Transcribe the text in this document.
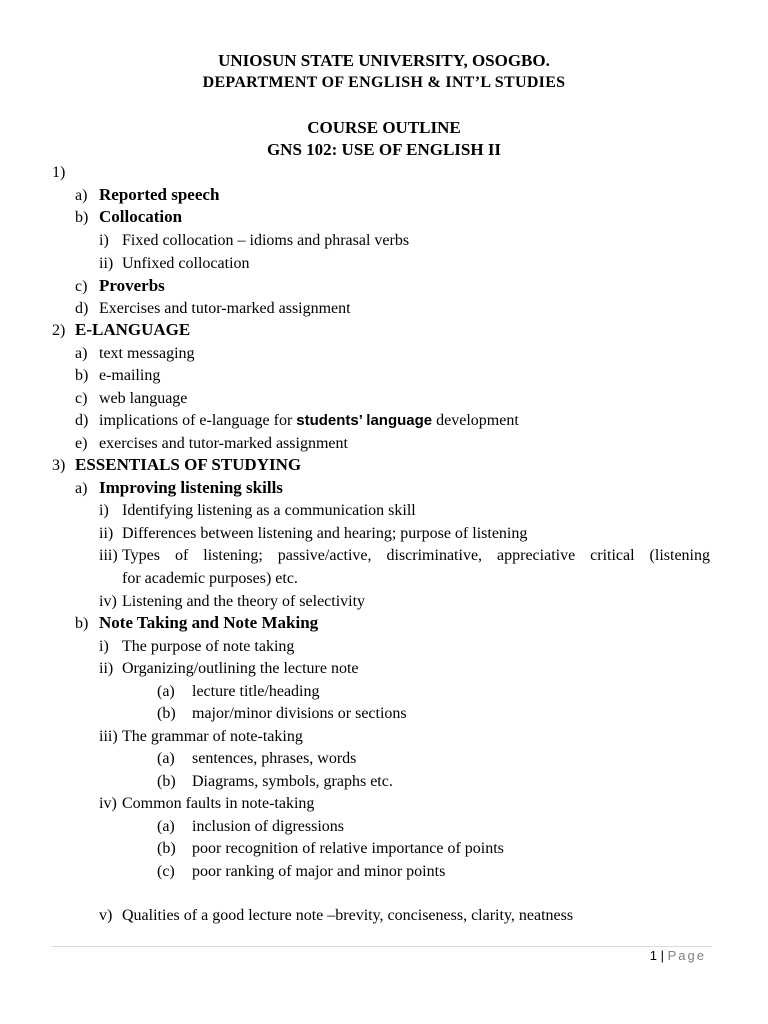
UNIOSUN STATE UNIVERSITY, OSOGBO.
DEPARTMENT OF ENGLISH & INT’L STUDIES
COURSE OUTLINE
GNS 102: USE OF ENGLISH II
1)
a) Reported speech
b) Collocation
i) Fixed collocation – idioms and phrasal verbs
ii) Unfixed collocation
c) Proverbs
d) Exercises and tutor-marked assignment
2) E-LANGUAGE
a) text messaging
b) e-mailing
c) web language
d) implications of e-language for students’ language development
e) exercises and tutor-marked assignment
3) ESSENTIALS OF STUDYING
a) Improving listening skills
i) Identifying listening as a communication skill
ii) Differences between listening and hearing; purpose of listening
iii) Types of listening; passive/active, discriminative, appreciative critical (listening
for academic purposes) etc.
iv) Listening and the theory of selectivity
b) Note Taking and Note Making
i) The purpose of note taking
ii) Organizing/outlining the lecture note
(a) lecture title/heading
(b) major/minor divisions or sections
iii) The grammar of note-taking
(a) sentences, phrases, words
(b) Diagrams, symbols, graphs etc.
iv) Common faults in note-taking
(a) inclusion of digressions
(b) poor recognition of relative importance of points
(c) poor ranking of major and minor points
v) Qualities of a good lecture note –brevity, conciseness, clarity, neatness
1 | Page
